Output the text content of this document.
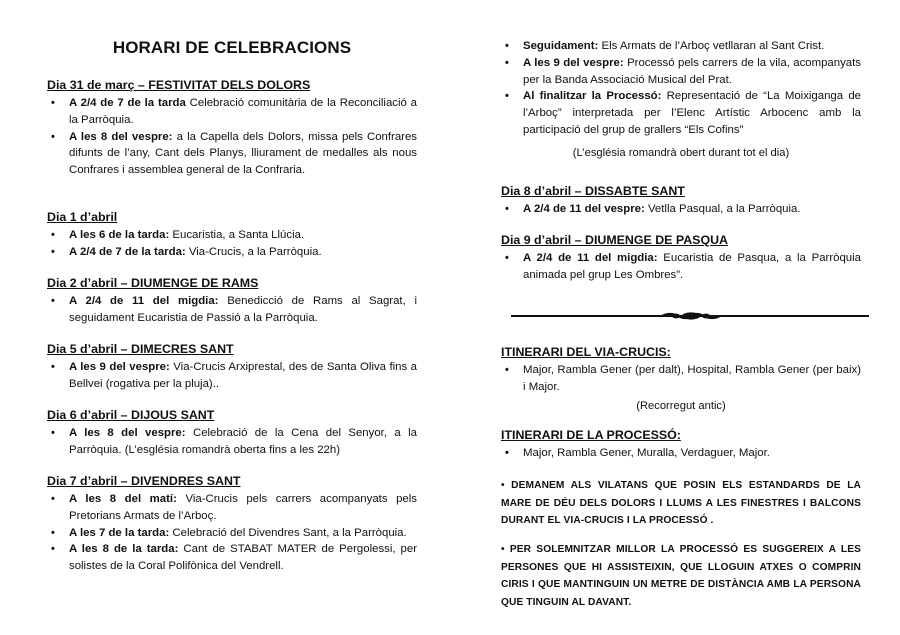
HORARI DE CELEBRACIONS
Dia 31 de març – FESTIVITAT DELS DOLORS
• A 2/4 de 7 de la tarda Celebració comunitària de la Reconciliació a la Parròquia.
• A les 8 del vespre: a la Capella dels Dolors, missa pels Confrares difunts de l’any, Cant dels Planys, lliurament de medalles als nous Confrares i assemblea general de la Confraria.
Dia 1 d’abril
• A les 6 de la tarda: Eucaristia, a Santa Llúcia.
• A 2/4 de 7 de la tarda: Via-Crucis, a la Parròquia.
Dia 2 d’abril – DIUMENGE DE RAMS
• A 2/4 de 11 del migdia: Benedicció de Rams al Sagrat, i seguidament Eucaristia de Passió a la Parròquia.
Dia 5 d’abril – DIMECRES SANT
• A les 9 del vespre: Via-Crucis Arxiprestal, des de Santa Oliva fins a Bellvei (rogativa per la pluja)..
Dia 6 d’abril – DIJOUS SANT
• A les 8 del vespre: Celebració de la Cena del Senyor, a la Parròquia. (L’església romandrà oberta fins a les 22h)
Dia 7 d’abril – DIVENDRES SANT
• A les 8 del matí: Via-Crucis pels carrers acompanyats pels Pretorians Armats de l’Arboç.
• A les 7 de la tarda: Celebració del Divendres Sant, a la Parròquia.
• A les 8 de la tarda: Cant de STABAT MATER de Pergolessi, per solistes de la Coral Polifònica del Vendrell.
• Seguidament: Els Armats de l’Arboç vetllaran al Sant Crist.
• A les 9 del vespre: Processó pels carrers de la vila, acompanyats per la Banda Associació Musical del Prat.
• Al finalitzar la Processó: Representació de “La Moixiganga de l’Arboç” interpretada per l’Elenc Artístic Arbocenc amb la participació del grup de grallers “Els Cofins”
(L’església romandrà obert durant tot el dia)
Dia 8 d’abril – DISSABTE SANT
• A 2/4 de 11 del vespre: Vetlla Pasqual, a la Parròquia.
Dia 9 d’abril – DIUMENGE DE PASQUA
• A 2/4 de 11 del migdia: Eucaristia de Pasqua, a la Parròquia animada pel grup Les Ombres”.
ITINERARI DEL VIA-CRUCIS:
• Major, Rambla Gener (per dalt), Hospital, Rambla Gener (per baix) i Major.
(Recorregut antic)
ITINERARI DE LA PROCESSÓ:
• Major, Rambla Gener, Muralla, Verdaguer, Major.
• DEMANEM ALS VILATANS QUE POSIN ELS ESTANDARDS DE LA MARE DE DÉU DELS DOLORS I LLUMS A LES FINESTRES I BALCONS DURANT EL VIA-CRUCIS I LA PROCESSÓ .
• PER SOLEMNITZAR MILLOR LA PROCESSÓ ES SUGGEREIX A LES PERSONES QUE HI ASSISTEIXIN, QUE LLOGUIN ATXES O COMPRIN CIRIS I QUE MANTINGUIN UN METRE DE DISTÀNCIA AMB LA PERSONA QUE TINGUIN AL DAVANT.
